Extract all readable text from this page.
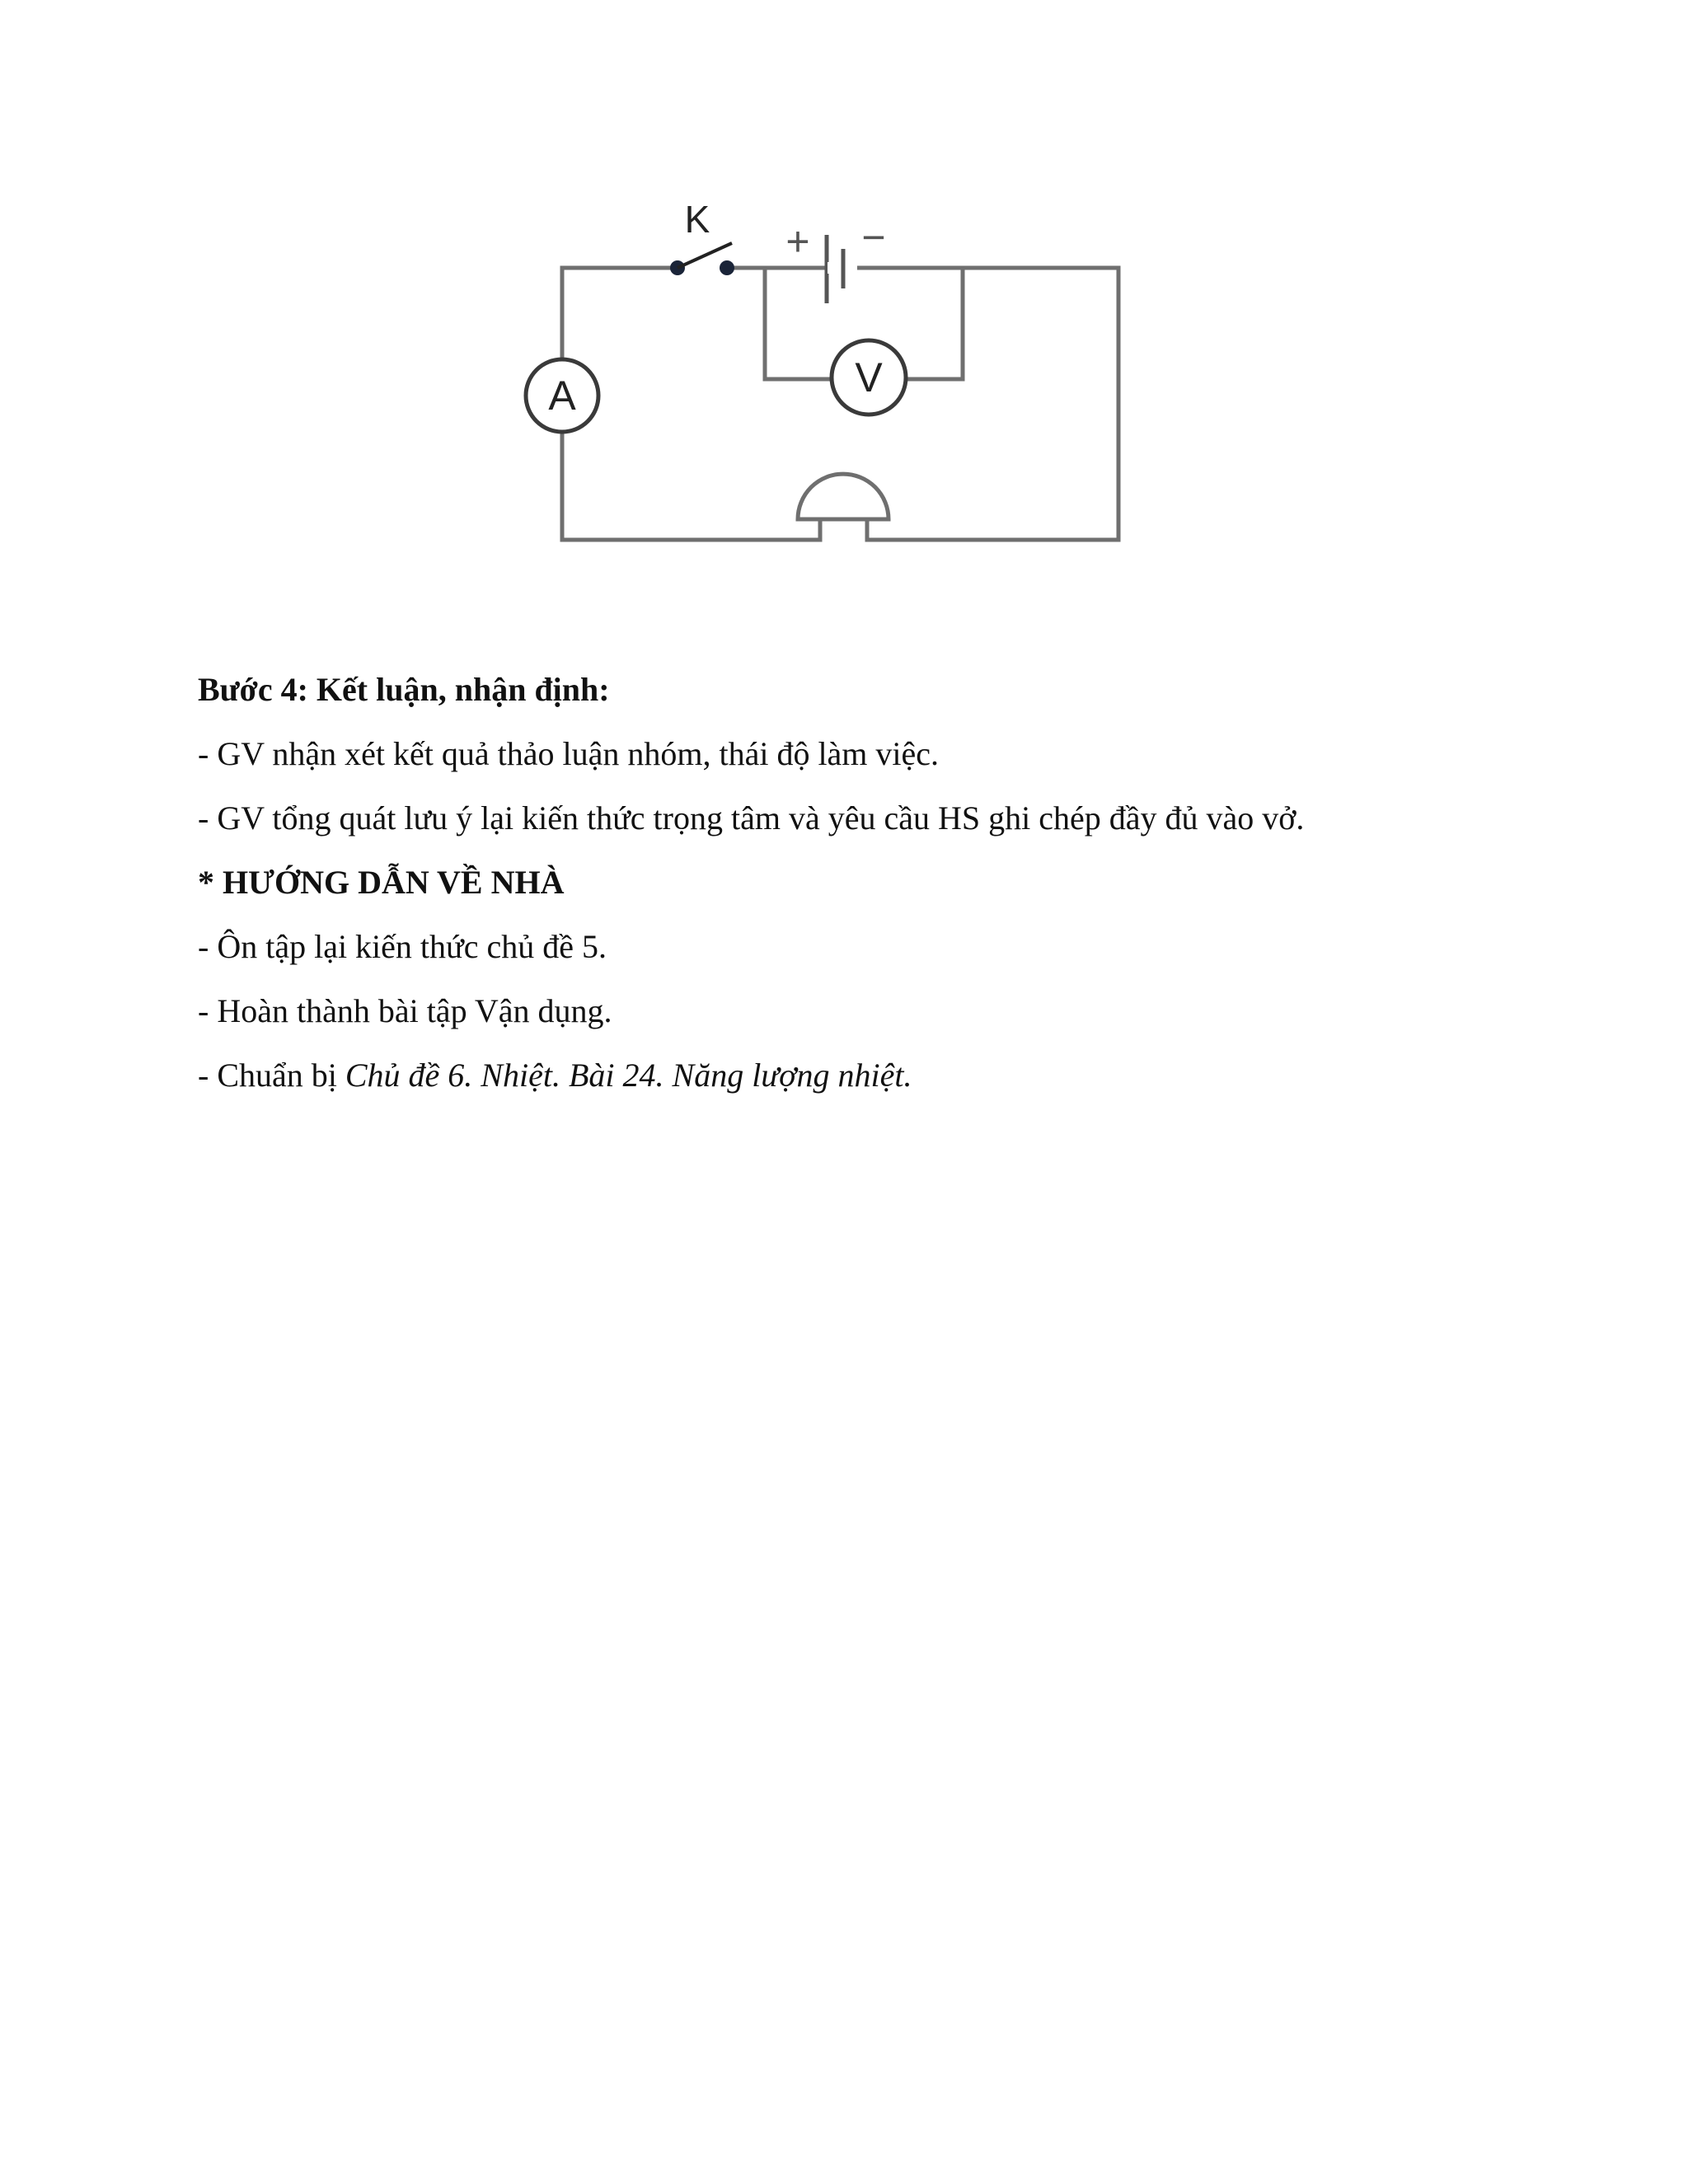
K + −
A	V
Bước 4: Kết luận, nhận định:
- GV nhận xét kết quả thảo luận nhóm, thái độ làm việc.
- GV tổng quát lưu ý lại kiến thức trọng tâm và yêu cầu HS ghi chép đầy đủ vào vở.
* HƯỚNG DẪN VỀ NHÀ
- Ôn tập lại kiến thức chủ đề 5.
- Hoàn thành bài tập Vận dụng.
- Chuẩn bị Chủ đề 6. Nhiệt. Bài 24. Năng lượng nhiệt.
